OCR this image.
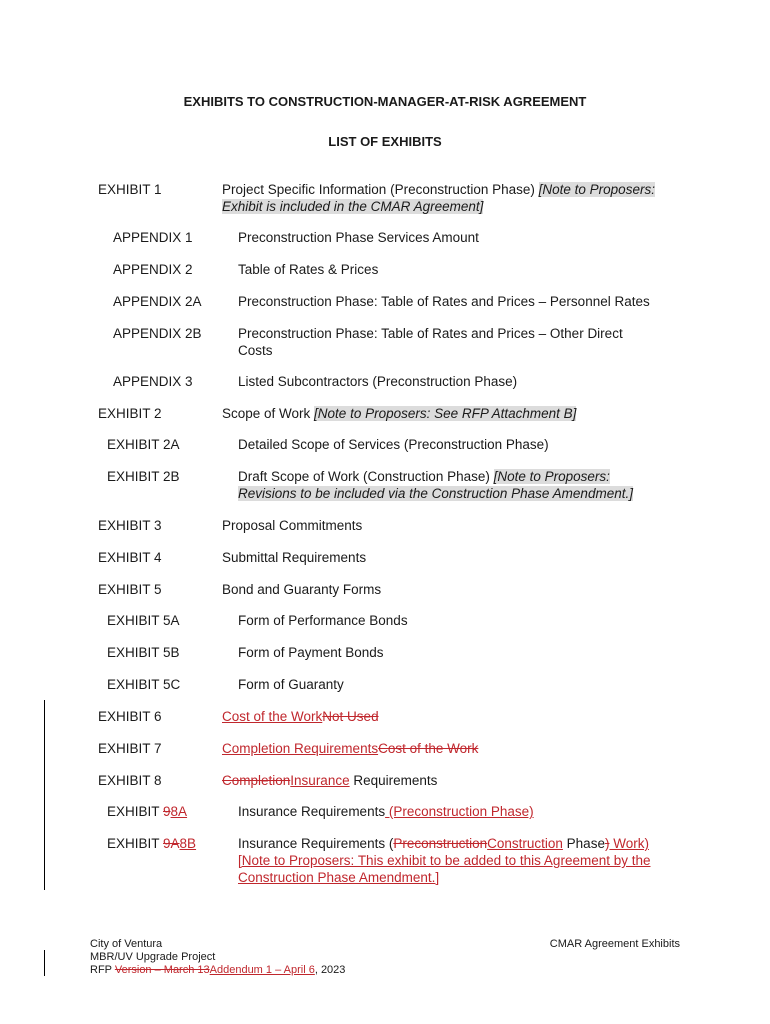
EXHIBITS TO CONSTRUCTION-MANAGER-AT-RISK AGREEMENT
LIST OF EXHIBITS
EXHIBIT 1	Project Specific Information (Preconstruction Phase) [Note to Proposers: Exhibit is included in the CMAR Agreement]
APPENDIX 1	Preconstruction Phase Services Amount
APPENDIX 2	Table of Rates & Prices
APPENDIX 2A	Preconstruction Phase: Table of Rates and Prices – Personnel Rates
APPENDIX 2B	Preconstruction Phase: Table of Rates and Prices – Other Direct Costs
APPENDIX 3	Listed Subcontractors (Preconstruction Phase)
EXHIBIT 2	Scope of Work [Note to Proposers: See RFP Attachment B]
EXHIBIT 2A	Detailed Scope of Services (Preconstruction Phase)
EXHIBIT 2B	Draft Scope of Work (Construction Phase) [Note to Proposers: Revisions to be included via the Construction Phase Amendment.]
EXHIBIT 3	Proposal Commitments
EXHIBIT 4	Submittal Requirements
EXHIBIT 5	Bond and Guaranty Forms
EXHIBIT 5A	Form of Performance Bonds
EXHIBIT 5B	Form of Payment Bonds
EXHIBIT 5C	Form of Guaranty
EXHIBIT 6	Cost of the WorkNot Used
EXHIBIT 7	Completion RequirementsCost of the Work
EXHIBIT 8	CompletionInsurance Requirements
EXHIBIT 98A	Insurance Requirements (Preconstruction Phase)
EXHIBIT 9A8B	Insurance Requirements (PreconstructionConstruction Phase) Work) [Note to Proposers: This exhibit to be added to this Agreement by the Construction Phase Amendment.]
City of Ventura
MBR/UV Upgrade Project
RFP Version – March 13Addendum 1 – April 6, 2023
CMAR Agreement Exhibits
